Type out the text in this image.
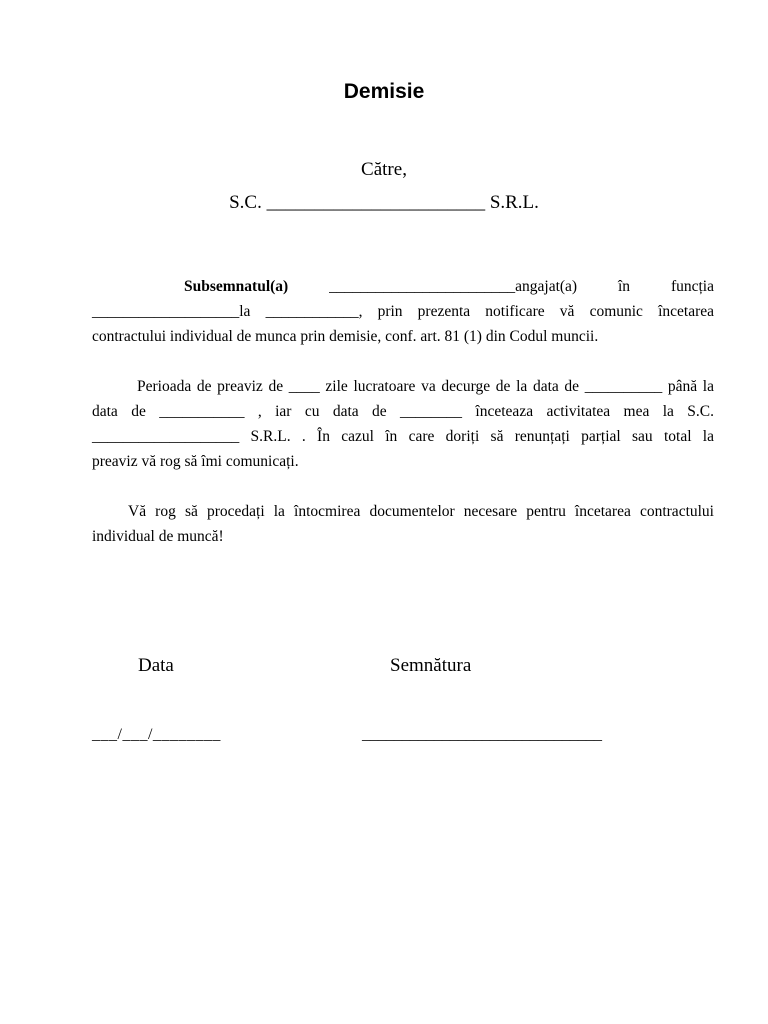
Demisie
Către,
S.C. _______________________ S.R.L.
Subsemnatul(a) ________________________angajat(a) în funcția
___________________la ____________, prin prezenta notificare vă comunic încetarea
contractului individual de munca prin demisie, conf. art. 81 (1) din Codul muncii.
Perioada de preaviz de ____ zile lucratoare va decurge de la data de __________ până la
data de ___________ , iar cu data de ________ înceteaza activitatea mea la S.C.
___________________ S.R.L. . În cazul în care doriți să renunțați parțial sau total la
preaviz vă rog să îmi comunicați.
Vă rog să procedați la întocmirea documentelor necesare pentru încetarea contractului
individual de muncă!
Data	Semnătura
___/___/________	______________________________
